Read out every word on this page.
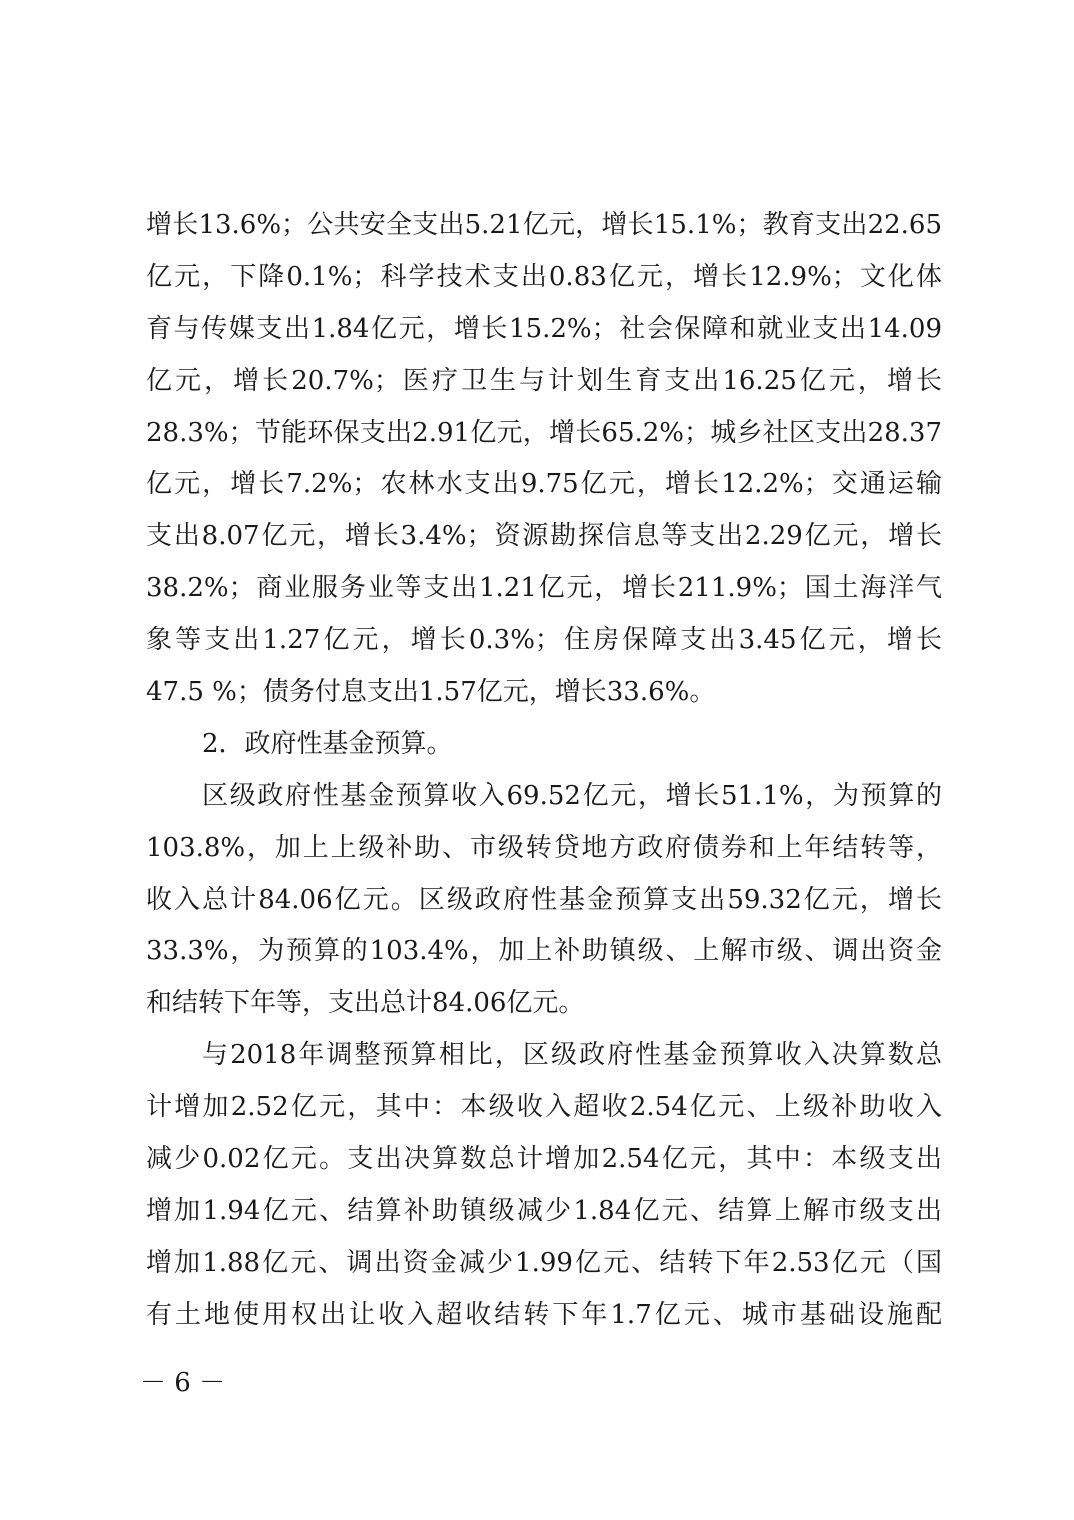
增长13.6%；公共安全支出5.21亿元，增长15.1%；教育支出22.65
亿元，下降0.1%；科学技术支出0.83亿元，增长12.9%；文化体
育与传媒支出1.84亿元，增长15.2%；社会保障和就业支出14.09
亿元，增长20.7%；医疗卫生与计划生育支出16.25亿元，增长
28.3%；节能环保支出2.91亿元，增长65.2%；城乡社区支出28.37
亿元，增长7.2%；农林水支出9.75亿元，增长12.2%；交通运输
支出8.07亿元，增长3.4%；资源勘探信息等支出2.29亿元，增长
38.2%；商业服务业等支出1.21亿元，增长211.9%；国土海洋气
象等支出1.27亿元，增长0.3%；住房保障支出3.45亿元，增长
47.5 %；债务付息支出1.57亿元，增长33.6%。
2．政府性基金预算。
区级政府性基金预算收入69.52亿元，增长51.1%，为预算的
103.8%，加上上级补助、市级转贷地方政府债券和上年结转等，
收入总计84.06亿元。区级政府性基金预算支出59.32亿元，增长
33.3%，为预算的103.4%，加上补助镇级、上解市级、调出资金
和结转下年等，支出总计84.06亿元。
与2018年调整预算相比，区级政府性基金预算收入决算数总
计增加2.52亿元，其中：本级收入超收2.54亿元、上级补助收入
减少0.02亿元。支出决算数总计增加2.54亿元，其中：本级支出
增加1.94亿元、结算补助镇级减少1.84亿元、结算上解市级支出
增加1.88亿元、调出资金减少1.99亿元、结转下年2.53亿元（国
有土地使用权出让收入超收结转下年1.7亿元、城市基础设施配
－ 6 －
